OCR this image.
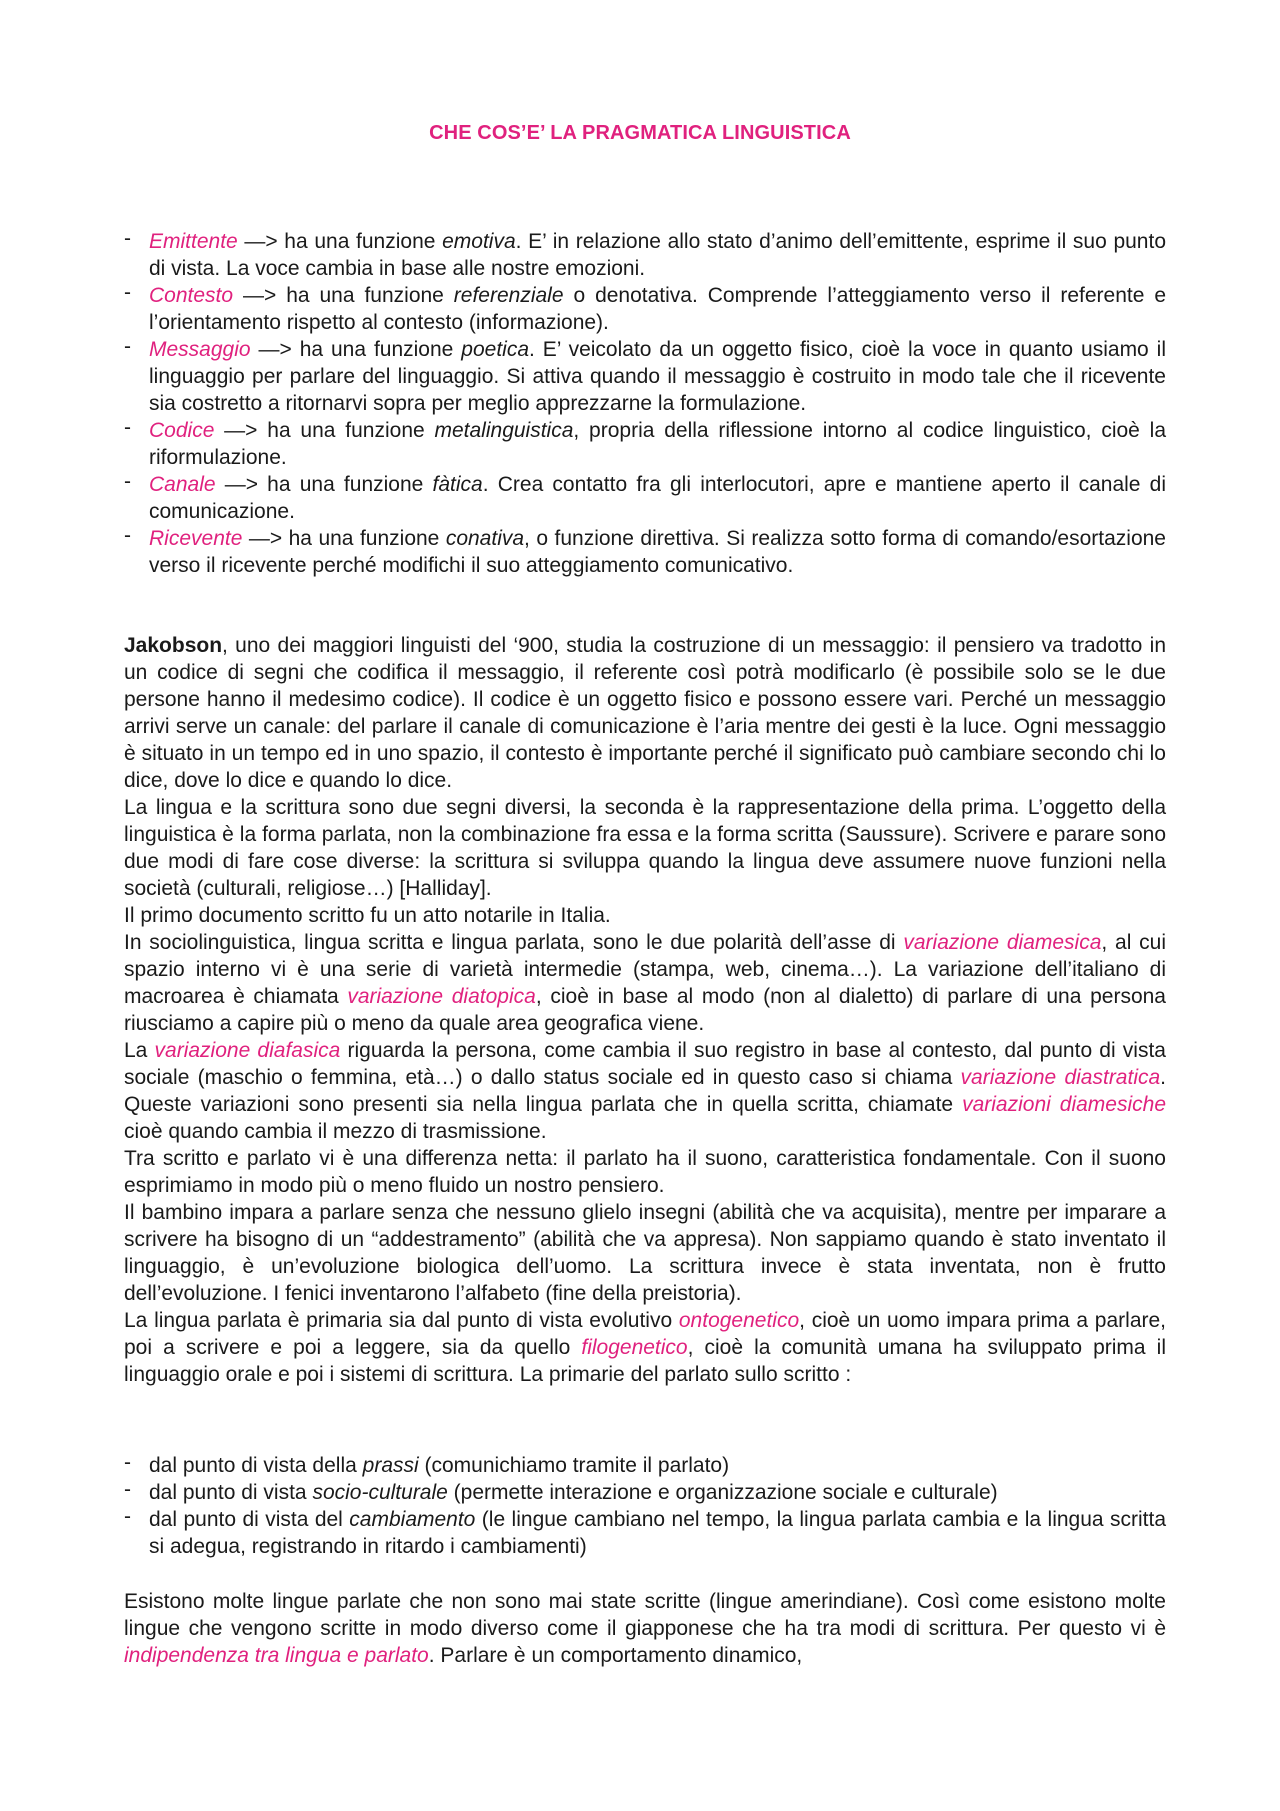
CHE COS’E’ LA PRAGMATICA LINGUISTICA
- Emittente —> ha una funzione emotiva. E’ in relazione allo stato d’animo dell’emittente, esprime il suo punto di vista. La voce cambia in base alle nostre emozioni.
- Contesto —> ha una funzione referenziale o denotativa. Comprende l’atteggiamento verso il referente e l’orientamento rispetto al contesto (informazione).
- Messaggio —> ha una funzione poetica. E’ veicolato da un oggetto fisico, cioè la voce in quanto usiamo il linguaggio per parlare del linguaggio. Si attiva quando il messaggio è costruito in modo tale che il ricevente sia costretto a ritornarvi sopra per meglio apprezzarne la formulazione.
- Codice —> ha una funzione metalinguistica, propria della riflessione intorno al codice linguistico, cioè la riformulazione.
- Canale —> ha una funzione fàtica. Crea contatto fra gli interlocutori, apre e mantiene aperto il canale di comunicazione.
- Ricevente —> ha una funzione conativa, o funzione direttiva. Si realizza sotto forma di comando/esortazione verso il ricevente perché modifichi il suo atteggiamento comunicativo.

Jakobson, uno dei maggiori linguisti del ‘900, studia la costruzione di un messaggio: il pensiero va tradotto in un codice di segni che codifica il messaggio, il referente così potrà modificarlo (è possibile solo se le due persone hanno il medesimo codice). Il codice è un oggetto fisico e possono essere vari. Perché un messaggio arrivi serve un canale: del parlare il canale di comunicazione è l’aria mentre dei gesti è la luce. Ogni messaggio è situato in un tempo ed in uno spazio, il contesto è importante perché il significato può cambiare secondo chi lo dice, dove lo dice e quando lo dice.

La lingua e la scrittura sono due segni diversi, la seconda è la rappresentazione della prima. L’oggetto della linguistica è la forma parlata, non la combinazione fra essa e la forma scritta (Saussure). Scrivere e parare sono due modi di fare cose diverse: la scrittura si sviluppa quando la lingua deve assumere nuove funzioni nella società (culturali, religiose…) [Halliday].

Il primo documento scritto fu un atto notarile in Italia.

In sociolinguistica, lingua scritta e lingua parlata, sono le due polarità dell’asse di variazione diamesica, al cui spazio interno vi è una serie di varietà intermedie (stampa, web, cinema…). La variazione dell’italiano di macroarea è chiamata variazione diatopica, cioè in base al modo (non al dialetto) di parlare di una persona riusciamo a capire più o meno da quale area geografica viene.

La variazione diafasica riguarda la persona, come cambia il suo registro in base al contesto, dal punto di vista sociale (maschio o femmina, età…) o dallo status sociale ed in questo caso si chiama variazione diastratica. Queste variazioni sono presenti sia nella lingua parlata che in quella scritta, chiamate variazioni diamesiche cioè quando cambia il mezzo di trasmissione.

Tra scritto e parlato vi è una differenza netta: il parlato ha il suono, caratteristica fondamentale. Con il suono esprimiamo in modo più o meno fluido un nostro pensiero.

Il bambino impara a parlare senza che nessuno glielo insegni (abilità che va acquisita), mentre per imparare a scrivere ha bisogno di un “addestramento” (abilità che va appresa). Non sappiamo quando è stato inventato il linguaggio, è un’evoluzione biologica dell’uomo. La scrittura invece è stata inventata, non è frutto dell’evoluzione. I fenici inventarono l’alfabeto (fine della preistoria).

La lingua parlata è primaria sia dal punto di vista evolutivo ontogenetico, cioè un uomo impara prima a parlare, poi a scrivere e poi a leggere, sia da quello filogenetico, cioè la comunità umana ha sviluppato prima il linguaggio orale e poi i sistemi di scrittura. La primarie del parlato sullo scritto :

- dal punto di vista della prassi (comunichiamo tramite il parlato)
- dal punto di vista socio-culturale (permette interazione e organizzazione sociale e culturale)
- dal punto di vista del cambiamento (le lingue cambiano nel tempo, la lingua parlata cambia e la lingua scritta si adegua, registrando in ritardo i cambiamenti)

Esistono molte lingue parlate che non sono mai state scritte (lingue amerindiane). Così come esistono molte lingue che vengono scritte in modo diverso come il giapponese che ha tra modi di scrittura. Per questo vi è indipendenza tra lingua e parlato. Parlare è un comportamento dinamico,
